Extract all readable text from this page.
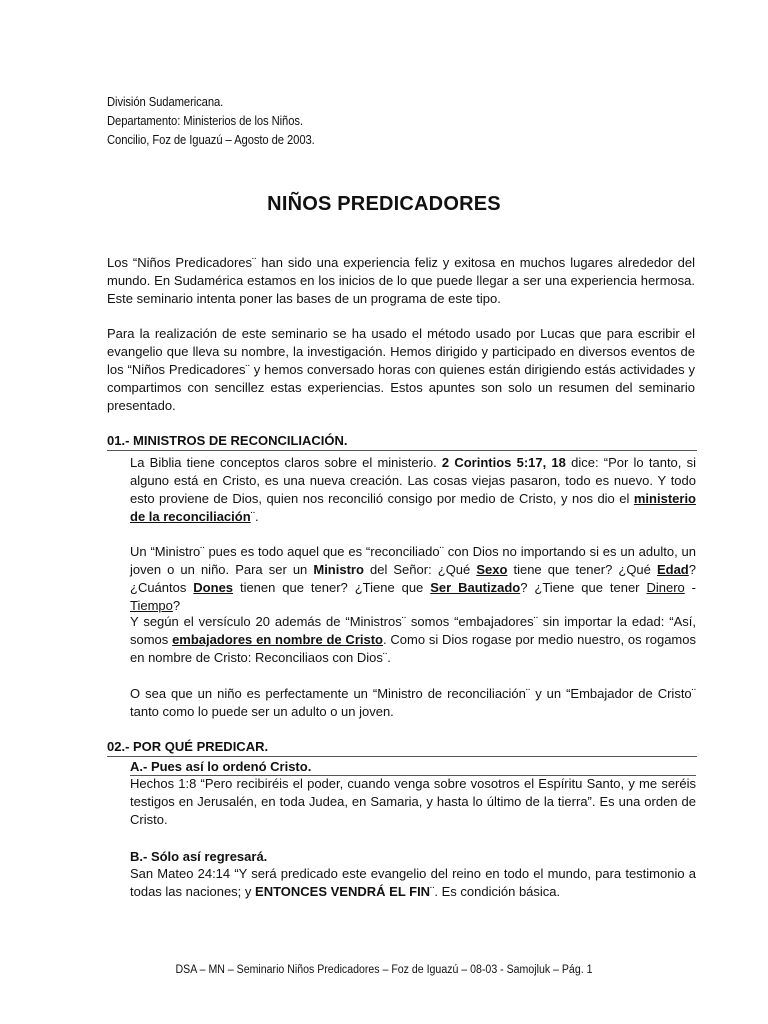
División Sudamericana.
Departamento: Ministerios de los Niños.
Concilio, Foz de Iguazú – Agosto de 2003.
NIÑOS PREDICADORES
Los “Niños Predicadores¨ han sido una experiencia feliz y exitosa en muchos lugares alrededor del mundo. En Sudamérica estamos en los inicios de lo que puede llegar a ser una experiencia hermosa. Este seminario intenta poner las bases de un programa de este tipo.
Para la realización de este seminario se ha usado el método usado por Lucas que para escribir el evangelio que lleva su nombre, la investigación. Hemos dirigido y participado en diversos eventos de los “Niños Predicadores¨ y hemos conversado horas con quienes están dirigiendo estás actividades y compartimos con sencillez estas experiencias. Estos apuntes son solo un resumen del seminario presentado.
01.- MINISTROS DE RECONCILIACIÓN.
La Biblia tiene conceptos claros sobre el ministerio. 2 Corintios 5:17, 18 dice: “Por lo tanto, si alguno está en Cristo, es una nueva creación. Las cosas viejas pasaron, todo es nuevo. Y todo esto proviene de Dios, quien nos reconcilió consigo por medio de Cristo, y nos dio el ministerio de la reconciliación¨.
Un “Ministro¨ pues es todo aquel que es “reconciliado¨ con Dios no importando si es un adulto, un joven o un niño. Para ser un Ministro del Señor: ¿Qué Sexo tiene que tener? ¿Qué Edad? ¿Cuántos Dones tienen que tener? ¿Tiene que Ser Bautizado? ¿Tiene que tener Dinero - Tiempo?
Y según el versículo 20 además de “Ministros¨ somos “embajadores¨ sin importar la edad: “Así, somos embajadores en nombre de Cristo. Como si Dios rogase por medio nuestro, os rogamos en nombre de Cristo: Reconciliaos con Dios¨.
O sea que un niño es perfectamente un “Ministro de reconciliación¨ y un “Embajador de Cristo¨ tanto como lo puede ser un adulto o un joven.
02.- POR QUÉ PREDICAR.
A.- Pues así lo ordenó Cristo.
Hechos 1:8 “Pero recibiréis el poder, cuando venga sobre vosotros el Espíritu Santo, y me seréis testigos en Jerusalén, en toda Judea, en Samaria, y hasta lo último de la tierra”. Es una orden de Cristo.
B.- Sólo así regresará.
San Mateo 24:14 “Y será predicado este evangelio del reino en todo el mundo, para testimonio a todas las naciones; y ENTONCES VENDRÁ EL FIN¨. Es condición básica.
DSA – MN – Seminario Niños Predicadores – Foz de Iguazú – 08-03 - Samojluk – Pág. 1
